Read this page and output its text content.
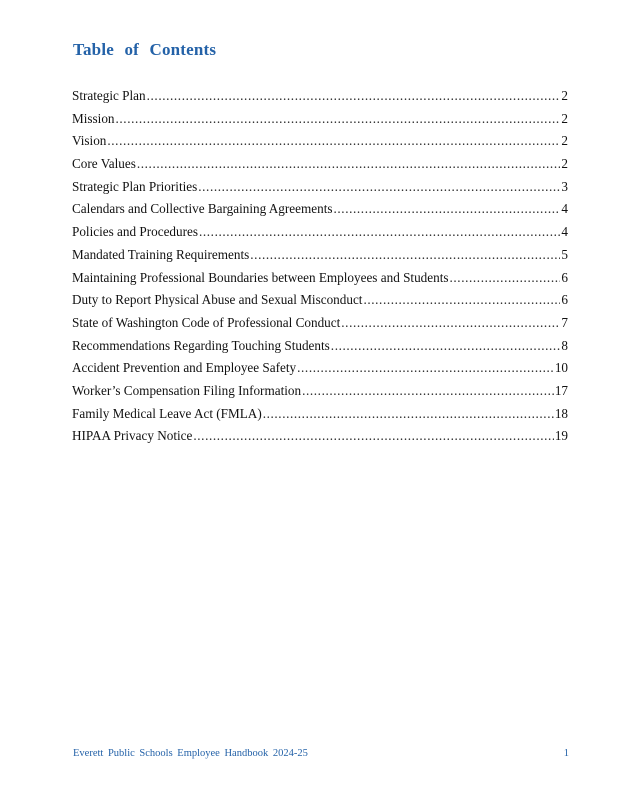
Table of Contents
Strategic Plan .....	2
Mission .....	2
Vision .....	2
Core Values .....	2
Strategic Plan Priorities .....	3
Calendars and Collective Bargaining Agreements .....	4
Policies and Procedures .....	4
Mandated Training Requirements .....	5
Maintaining Professional Boundaries between Employees and Students .....	6
Duty to Report Physical Abuse and Sexual Misconduct .....	6
State of Washington Code of Professional Conduct .....	7
Recommendations Regarding Touching Students .....	8
Accident Prevention and Employee Safety .....	10
Worker’s Compensation Filing Information .....	17
Family Medical Leave Act (FMLA) .....	18
HIPAA Privacy Notice .....	19
Everett Public Schools Employee Handbook 2024-25	1
